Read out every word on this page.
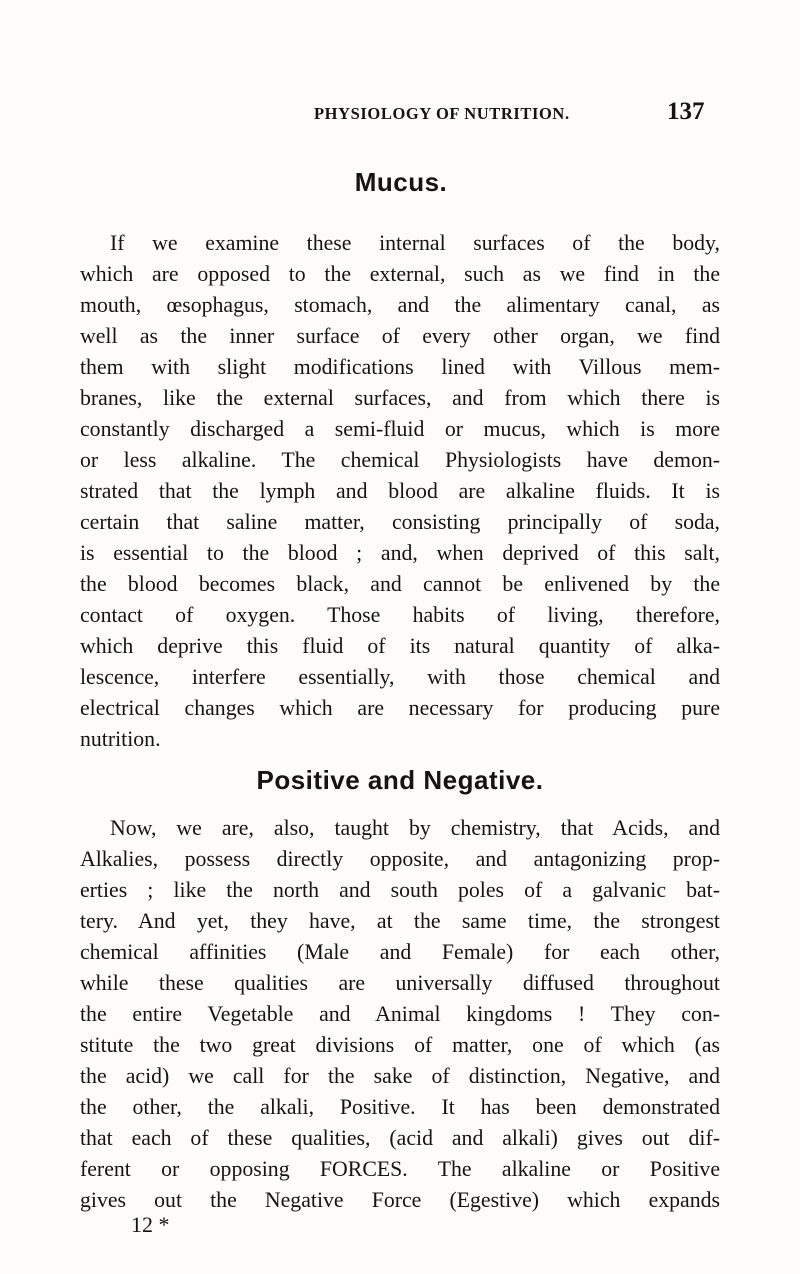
PHYSIOLOGY OF NUTRITION.	137
Mucus.
If we examine these internal surfaces of the body,
which are opposed to the external, such as we find in the
mouth, œsophagus, stomach, and the alimentary canal, as
well as the inner surface of every other organ, we find
them with slight modifications lined with Villous mem-
branes, like the external surfaces, and from which there is
constantly discharged a semi-fluid or mucus, which is more
or less alkaline. The chemical Physiologists have demon-
strated that the lymph and blood are alkaline fluids. It is
certain that saline matter, consisting principally of soda,
is essential to the blood ; and, when deprived of this salt,
the blood becomes black, and cannot be enlivened by the
contact of oxygen. Those habits of living, therefore,
which deprive this fluid of its natural quantity of alka-
lescence, interfere essentially, with those chemical and
electrical changes which are necessary for producing pure
nutrition.
Positive and Negative.
Now, we are, also, taught by chemistry, that Acids, and
Alkalies, possess directly opposite, and antagonizing prop-
erties ; like the north and south poles of a galvanic bat-
tery. And yet, they have, at the same time, the strongest
chemical affinities (Male and Female) for each other,
while these qualities are universally diffused throughout
the entire Vegetable and Animal kingdoms ! They con-
stitute the two great divisions of matter, one of which (as
the acid) we call for the sake of distinction, Negative, and
the other, the alkali, Positive. It has been demonstrated
that each of these qualities, (acid and alkali) gives out dif-
ferent or opposing FORCES. The alkaline or Positive
gives out the Negative Force (Egestive) which expands
12 *
